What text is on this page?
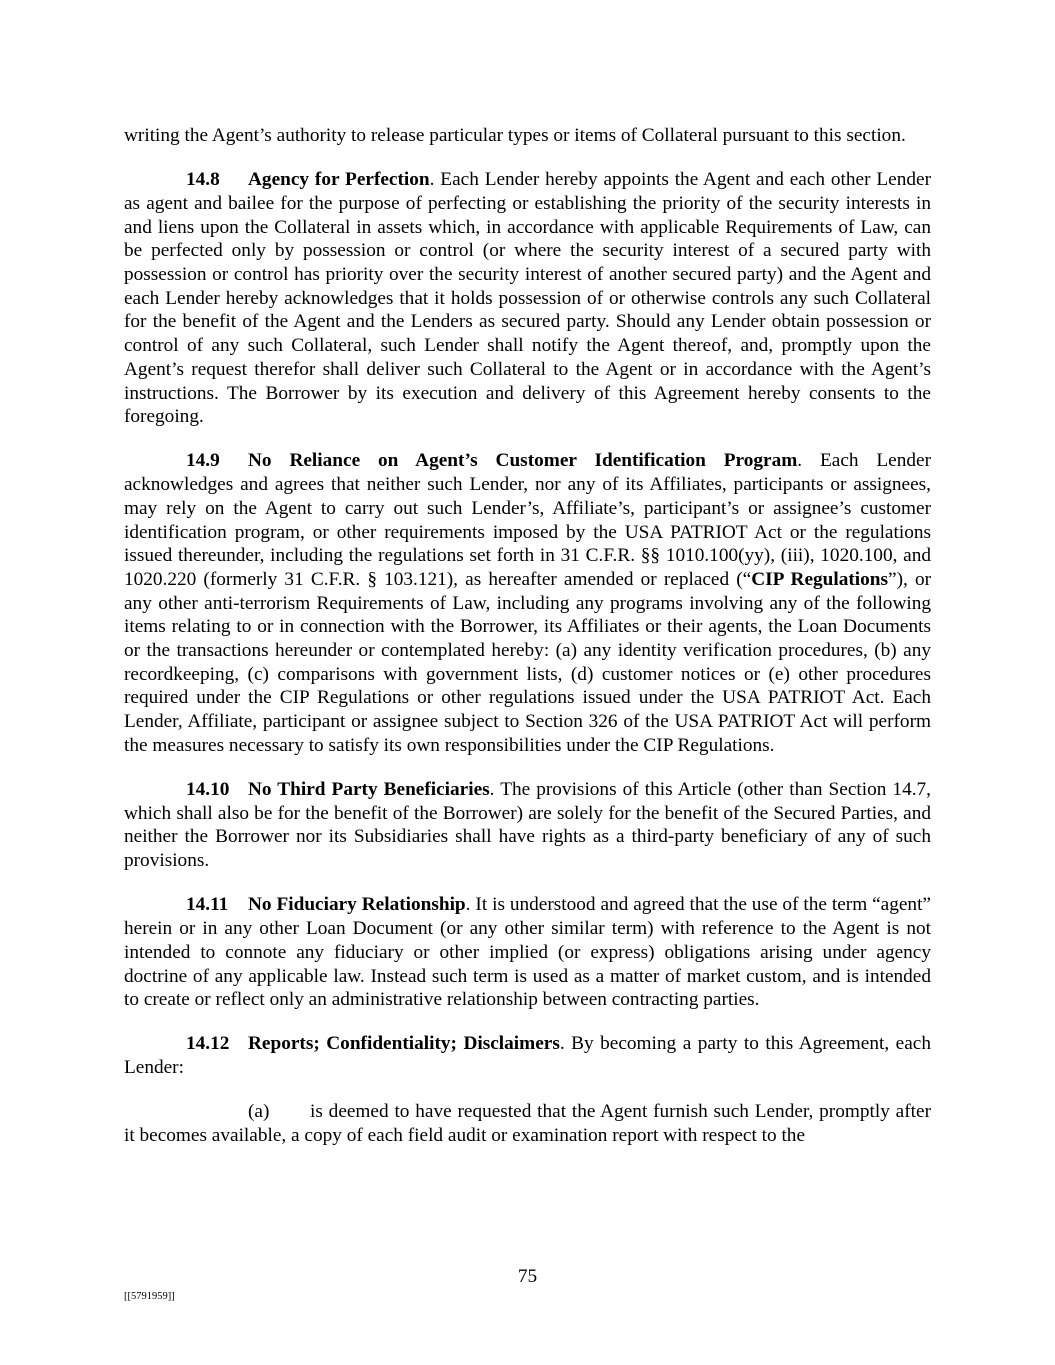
writing the Agent’s authority to release particular types or items of Collateral pursuant to this section.

14.8 Agency for Perfection. Each Lender hereby appoints the Agent and each other Lender as agent and bailee for the purpose of perfecting or establishing the priority of the security interests in and liens upon the Collateral in assets which, in accordance with applicable Requirements of Law, can be perfected only by possession or control (or where the security interest of a secured party with possession or control has priority over the security interest of another secured party) and the Agent and each Lender hereby acknowledges that it holds possession of or otherwise controls any such Collateral for the benefit of the Agent and the Lenders as secured party. Should any Lender obtain possession or control of any such Collateral, such Lender shall notify the Agent thereof, and, promptly upon the Agent’s request therefor shall deliver such Collateral to the Agent or in accordance with the Agent’s instructions. The Borrower by its execution and delivery of this Agreement hereby consents to the foregoing.

14.9 No Reliance on Agent’s Customer Identification Program. Each Lender acknowledges and agrees that neither such Lender, nor any of its Affiliates, participants or assignees, may rely on the Agent to carry out such Lender’s, Affiliate’s, participant’s or assignee’s customer identification program, or other requirements imposed by the USA PATRIOT Act or the regulations issued thereunder, including the regulations set forth in 31 C.F.R. §§ 1010.100(yy), (iii), 1020.100, and 1020.220 (formerly 31 C.F.R. § 103.121), as hereafter amended or replaced (“CIP Regulations”), or any other anti-terrorism Requirements of Law, including any programs involving any of the following items relating to or in connection with the Borrower, its Affiliates or their agents, the Loan Documents or the transactions hereunder or contemplated hereby: (a) any identity verification procedures, (b) any recordkeeping, (c) comparisons with government lists, (d) customer notices or (e) other procedures required under the CIP Regulations or other regulations issued under the USA PATRIOT Act. Each Lender, Affiliate, participant or assignee subject to Section 326 of the USA PATRIOT Act will perform the measures necessary to satisfy its own responsibilities under the CIP Regulations.

14.10 No Third Party Beneficiaries. The provisions of this Article (other than Section 14.7, which shall also be for the benefit of the Borrower) are solely for the benefit of the Secured Parties, and neither the Borrower nor its Subsidiaries shall have rights as a third-party beneficiary of any of such provisions.

14.11 No Fiduciary Relationship. It is understood and agreed that the use of the term “agent” herein or in any other Loan Document (or any other similar term) with reference to the Agent is not intended to connote any fiduciary or other implied (or express) obligations arising under agency doctrine of any applicable law. Instead such term is used as a matter of market custom, and is intended to create or reflect only an administrative relationship between contracting parties.

14.12 Reports; Confidentiality; Disclaimers. By becoming a party to this Agreement, each Lender:

(a) is deemed to have requested that the Agent furnish such Lender, promptly after it becomes available, a copy of each field audit or examination report with respect to the

75
[[5791959]]
